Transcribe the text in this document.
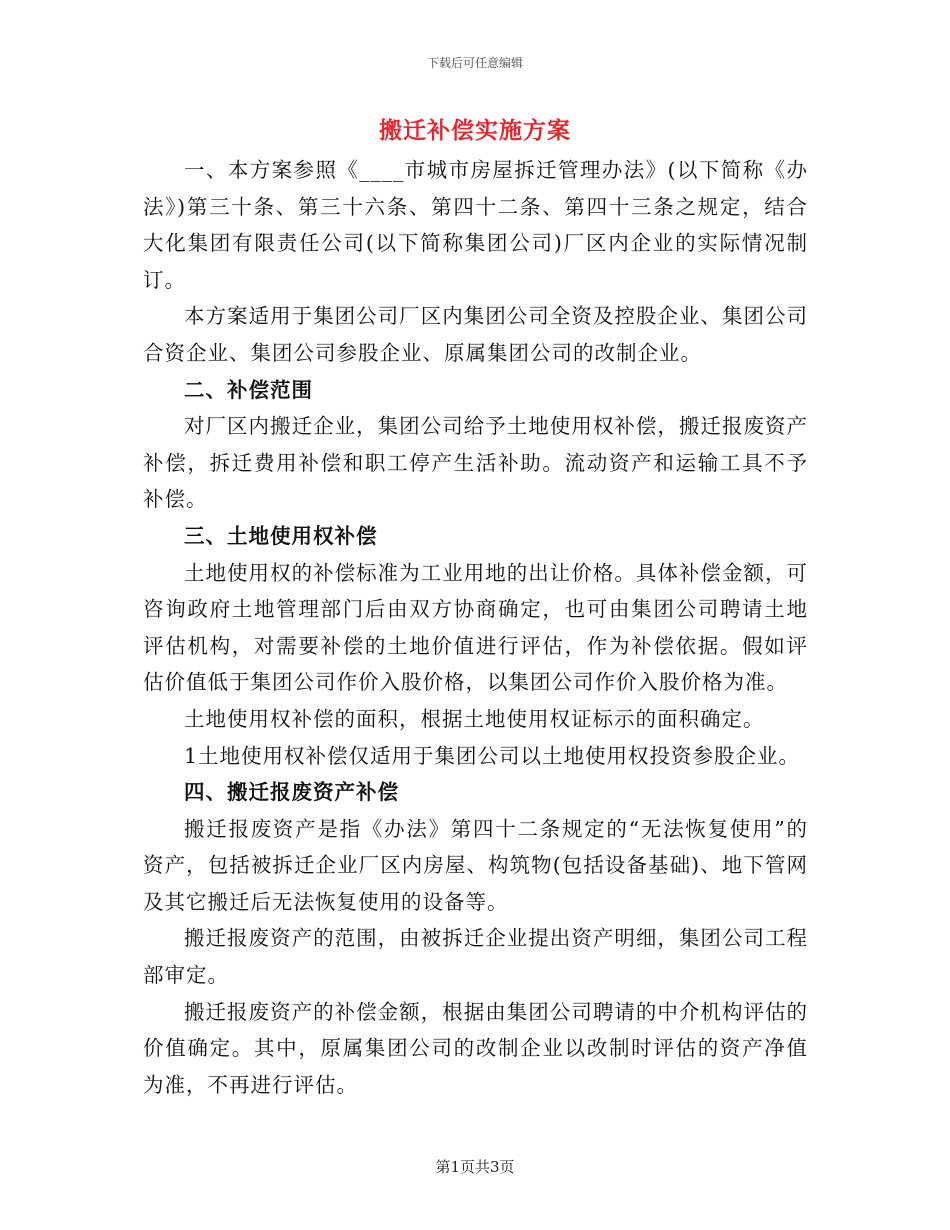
下载后可任意编辑
搬迁补偿实施方案

一、本方案参照《____市城市房屋拆迁管理办法》(以下简称《办法》)第三十条、第三十六条、第四十二条、第四十三条之规定，结合大化集团有限责任公司(以下简称集团公司)厂区内企业的实际情况制订。

本方案适用于集团公司厂区内集团公司全资及控股企业、集团公司合资企业、集团公司参股企业、原属集团公司的改制企业。

二、补偿范围

对厂区内搬迁企业，集团公司给予土地使用权补偿，搬迁报废资产补偿，拆迁费用补偿和职工停产生活补助。流动资产和运输工具不予补偿。

三、土地使用权补偿

土地使用权的补偿标准为工业用地的出让价格。具体补偿金额，可咨询政府土地管理部门后由双方协商确定，也可由集团公司聘请土地评估机构，对需要补偿的土地价值进行评估，作为补偿依据。假如评估价值低于集团公司作价入股价格，以集团公司作价入股价格为准。

土地使用权补偿的面积，根据土地使用权证标示的面积确定。

1土地使用权补偿仅适用于集团公司以土地使用权投资参股企业。

四、搬迁报废资产补偿

搬迁报废资产是指《办法》第四十二条规定的“无法恢复使用”的资产，包括被拆迁企业厂区内房屋、构筑物(包括设备基础)、地下管网及其它搬迁后无法恢复使用的设备等。

搬迁报废资产的范围，由被拆迁企业提出资产明细，集团公司工程部审定。

搬迁报废资产的补偿金额，根据由集团公司聘请的中介机构评估的价值确定。其中，原属集团公司的改制企业以改制时评估的资产净值为准，不再进行评估。

第1页共3页
